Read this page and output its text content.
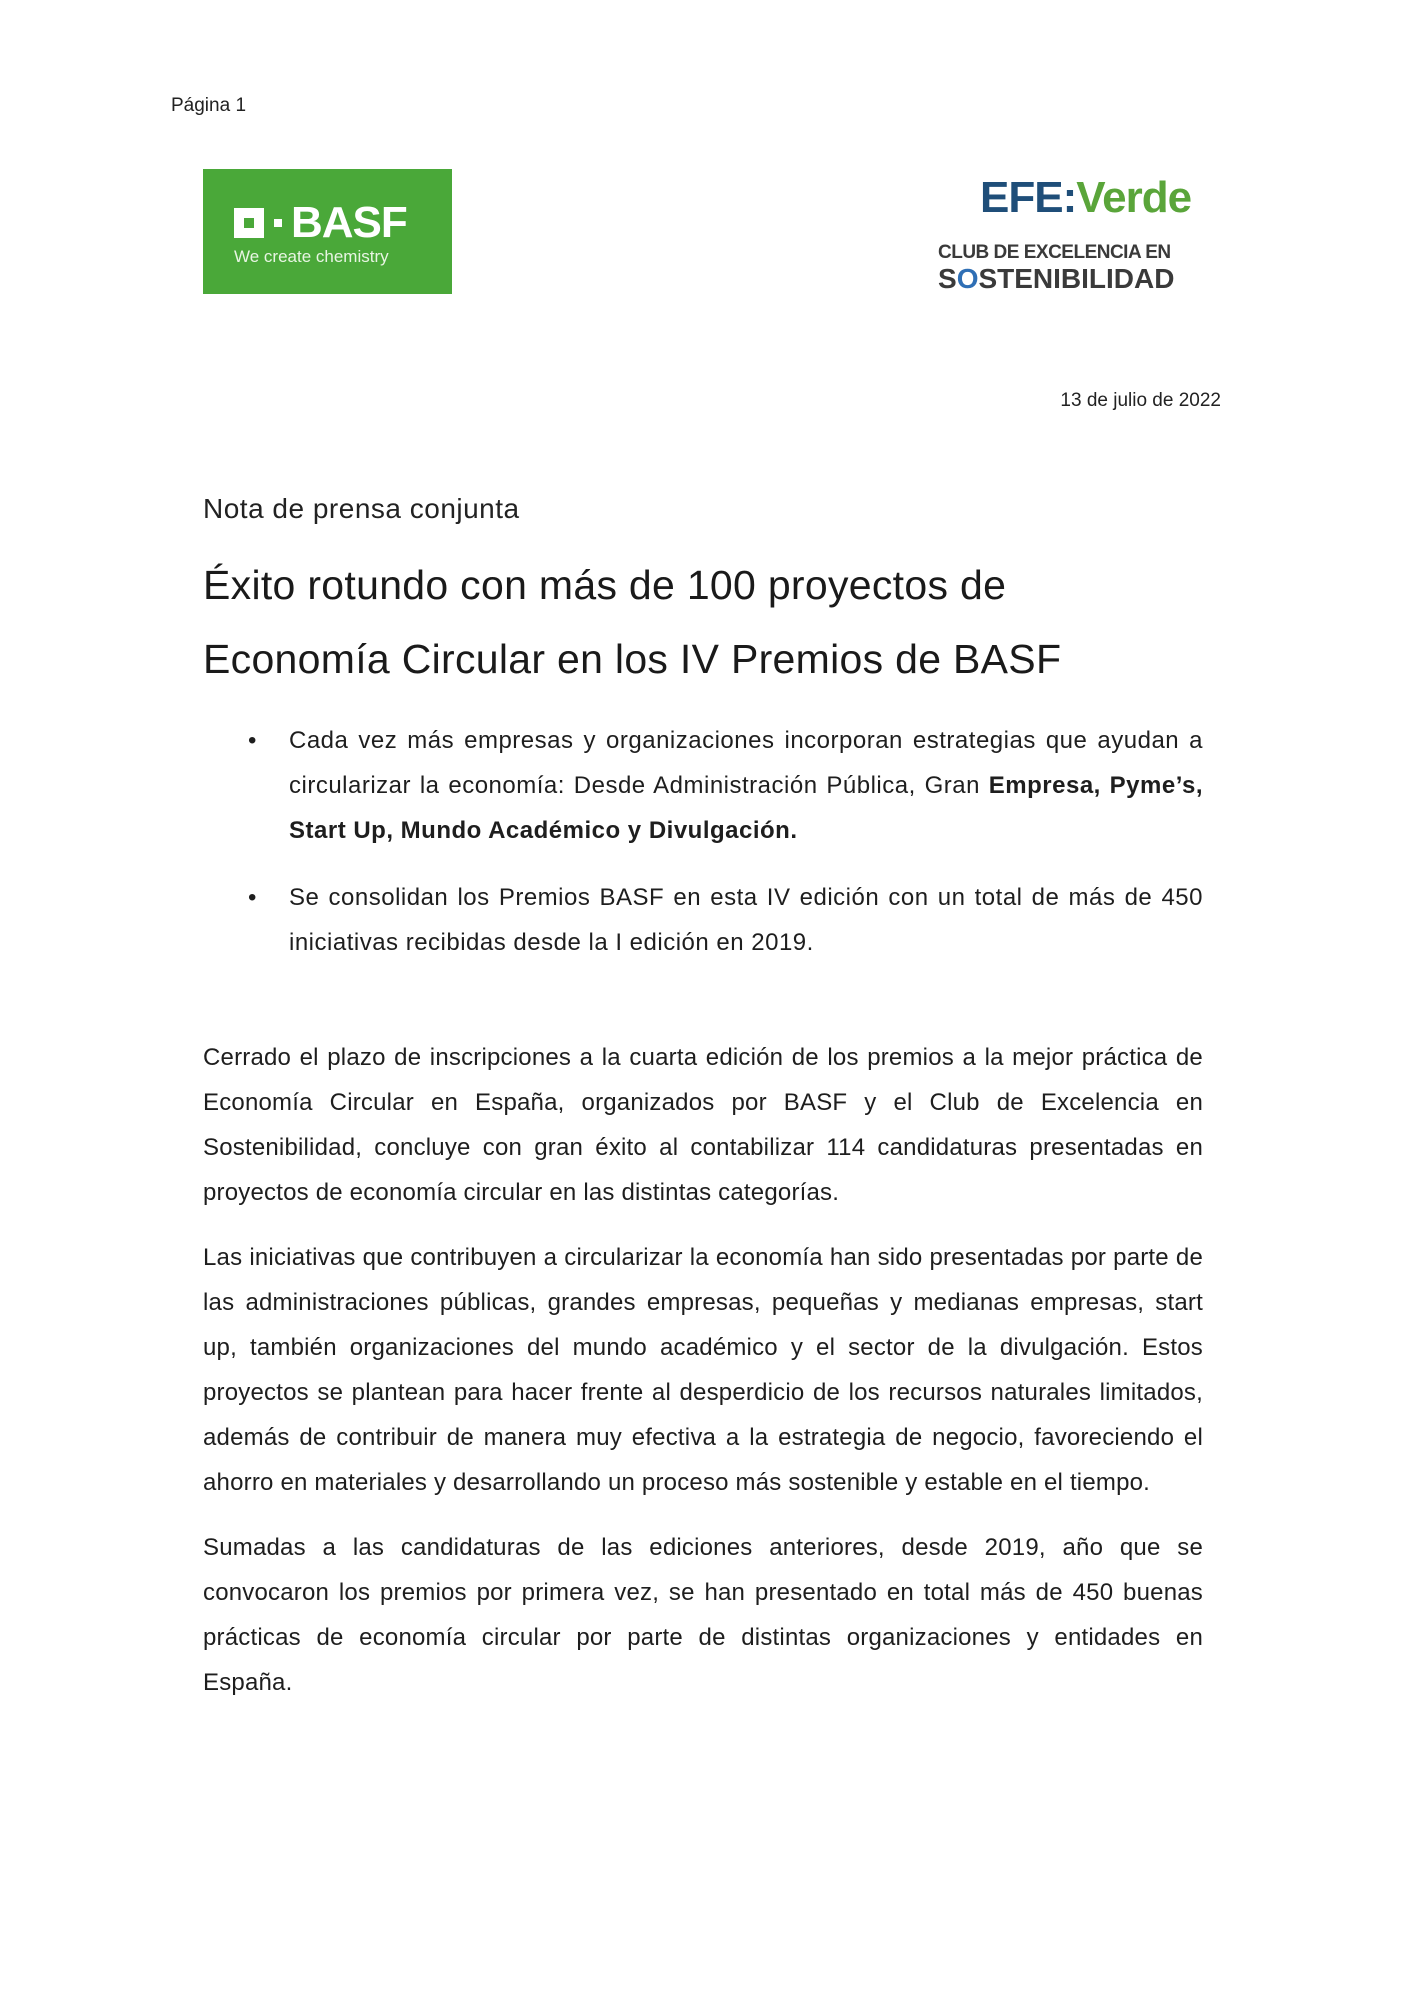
Página 1
BASF
We create chemistry
EFE:Verde
CLUB DE EXCELENCIA EN
SOSTENIBILIDAD
13 de julio de 2022
Nota de prensa conjunta
Éxito rotundo con más de 100 proyectos de
Economía Circular en los IV Premios de BASF
• Cada vez más empresas y organizaciones incorporan estrategias que ayudan a circularizar la economía: Desde Administración Pública, Gran Empresa, Pyme’s, Start Up, Mundo Académico y Divulgación.
• Se consolidan los Premios BASF en esta IV edición con un total de más de 450 iniciativas recibidas desde la I edición en 2019.

Cerrado el plazo de inscripciones a la cuarta edición de los premios a la mejor práctica de Economía Circular en España, organizados por BASF y el Club de Excelencia en Sostenibilidad, concluye con gran éxito al contabilizar 114 candidaturas presentadas en proyectos de economía circular en las distintas categorías.

Las iniciativas que contribuyen a circularizar la economía han sido presentadas por parte de las administraciones públicas, grandes empresas, pequeñas y medianas empresas, start up, también organizaciones del mundo académico y el sector de la divulgación. Estos proyectos se plantean para hacer frente al desperdicio de los recursos naturales limitados, además de contribuir de manera muy efectiva a la estrategia de negocio, favoreciendo el ahorro en materiales y desarrollando un proceso más sostenible y estable en el tiempo.

Sumadas a las candidaturas de las ediciones anteriores, desde 2019, año que se convocaron los premios por primera vez, se han presentado en total más de 450 buenas prácticas de economía circular por parte de distintas organizaciones y entidades en España.
